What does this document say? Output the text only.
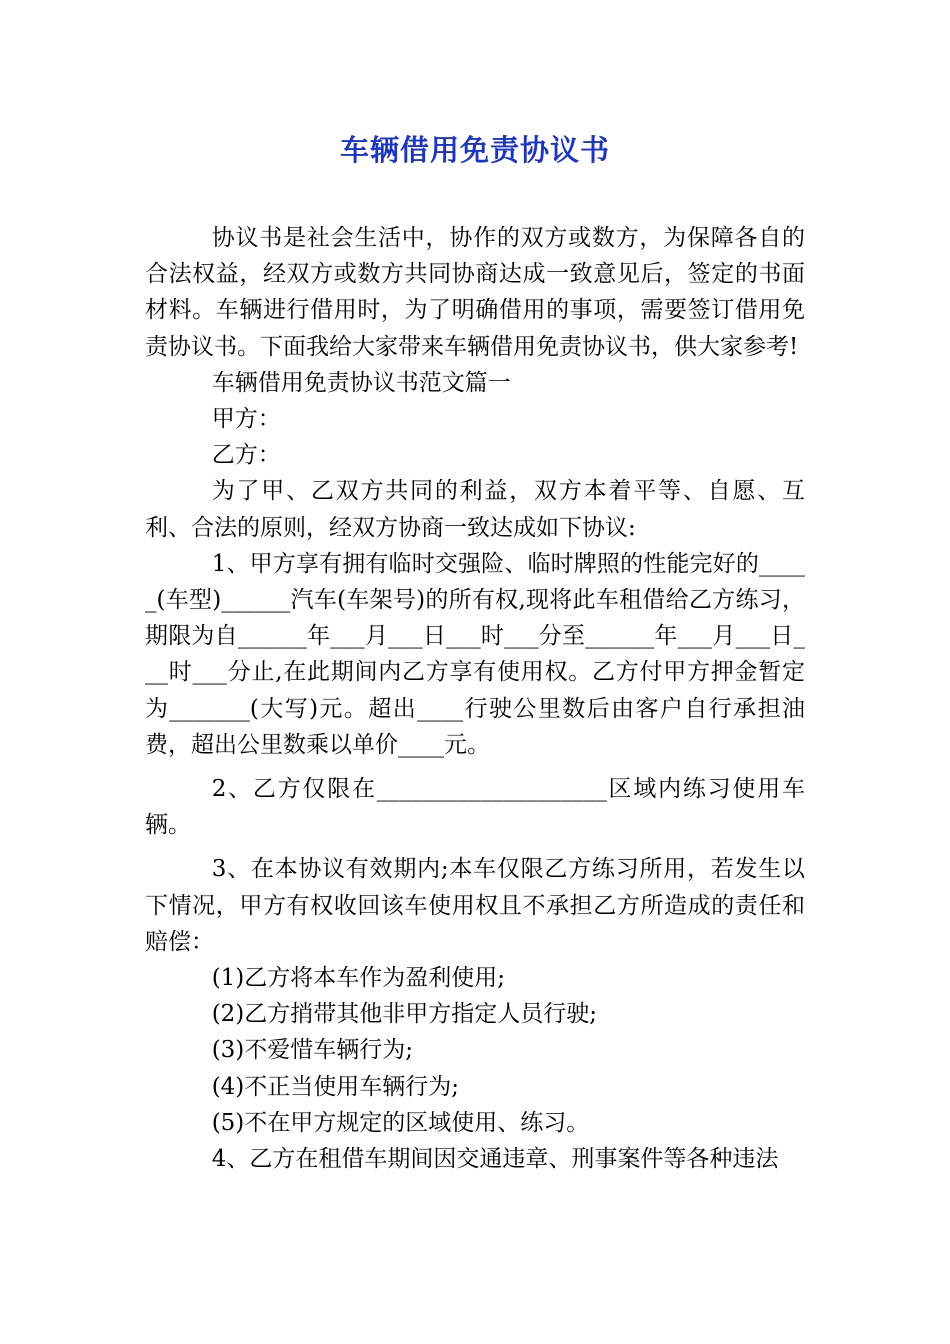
车辆借用免责协议书

协议书是社会生活中，协作的双方或数方，为保障各自的合法权益，经双方或数方共同协商达成一致意见后，签定的书面材料。车辆进行借用时，为了明确借用的事项，需要签订借用免责协议书。下面我给大家带来车辆借用免责协议书，供大家参考!

车辆借用免责协议书范文篇一

甲方：

乙方：

为了甲、乙双方共同的利益，双方本着平等、自愿、互利、合法的原则，经双方协商一致达成如下协议:

1、甲方享有拥有临时交强险、临时牌照的性能完好的_____(车型)______汽车(车架号)的所有权,现将此车租借给乙方练习，期限为自______年___月___日___时___分至______年___月___日___时___分止,在此期间内乙方享有使用权。乙方付甲方押金暂定为_______(大写)元。超出____行驶公里数后由客户自行承担油费，超出公里数乘以单价____元。

2、乙方仅限在____________________区域内练习使用车辆。

3、在本协议有效期内;本车仅限乙方练习所用，若发生以下情况，甲方有权收回该车使用权且不承担乙方所造成的责任和赔偿：

(1)乙方将本车作为盈利使用;

(2)乙方捎带其他非甲方指定人员行驶;

(3)不爱惜车辆行为;

(4)不正当使用车辆行为;

(5)不在甲方规定的区域使用、练习。

4、乙方在租借车期间因交通违章、刑事案件等各种违法
